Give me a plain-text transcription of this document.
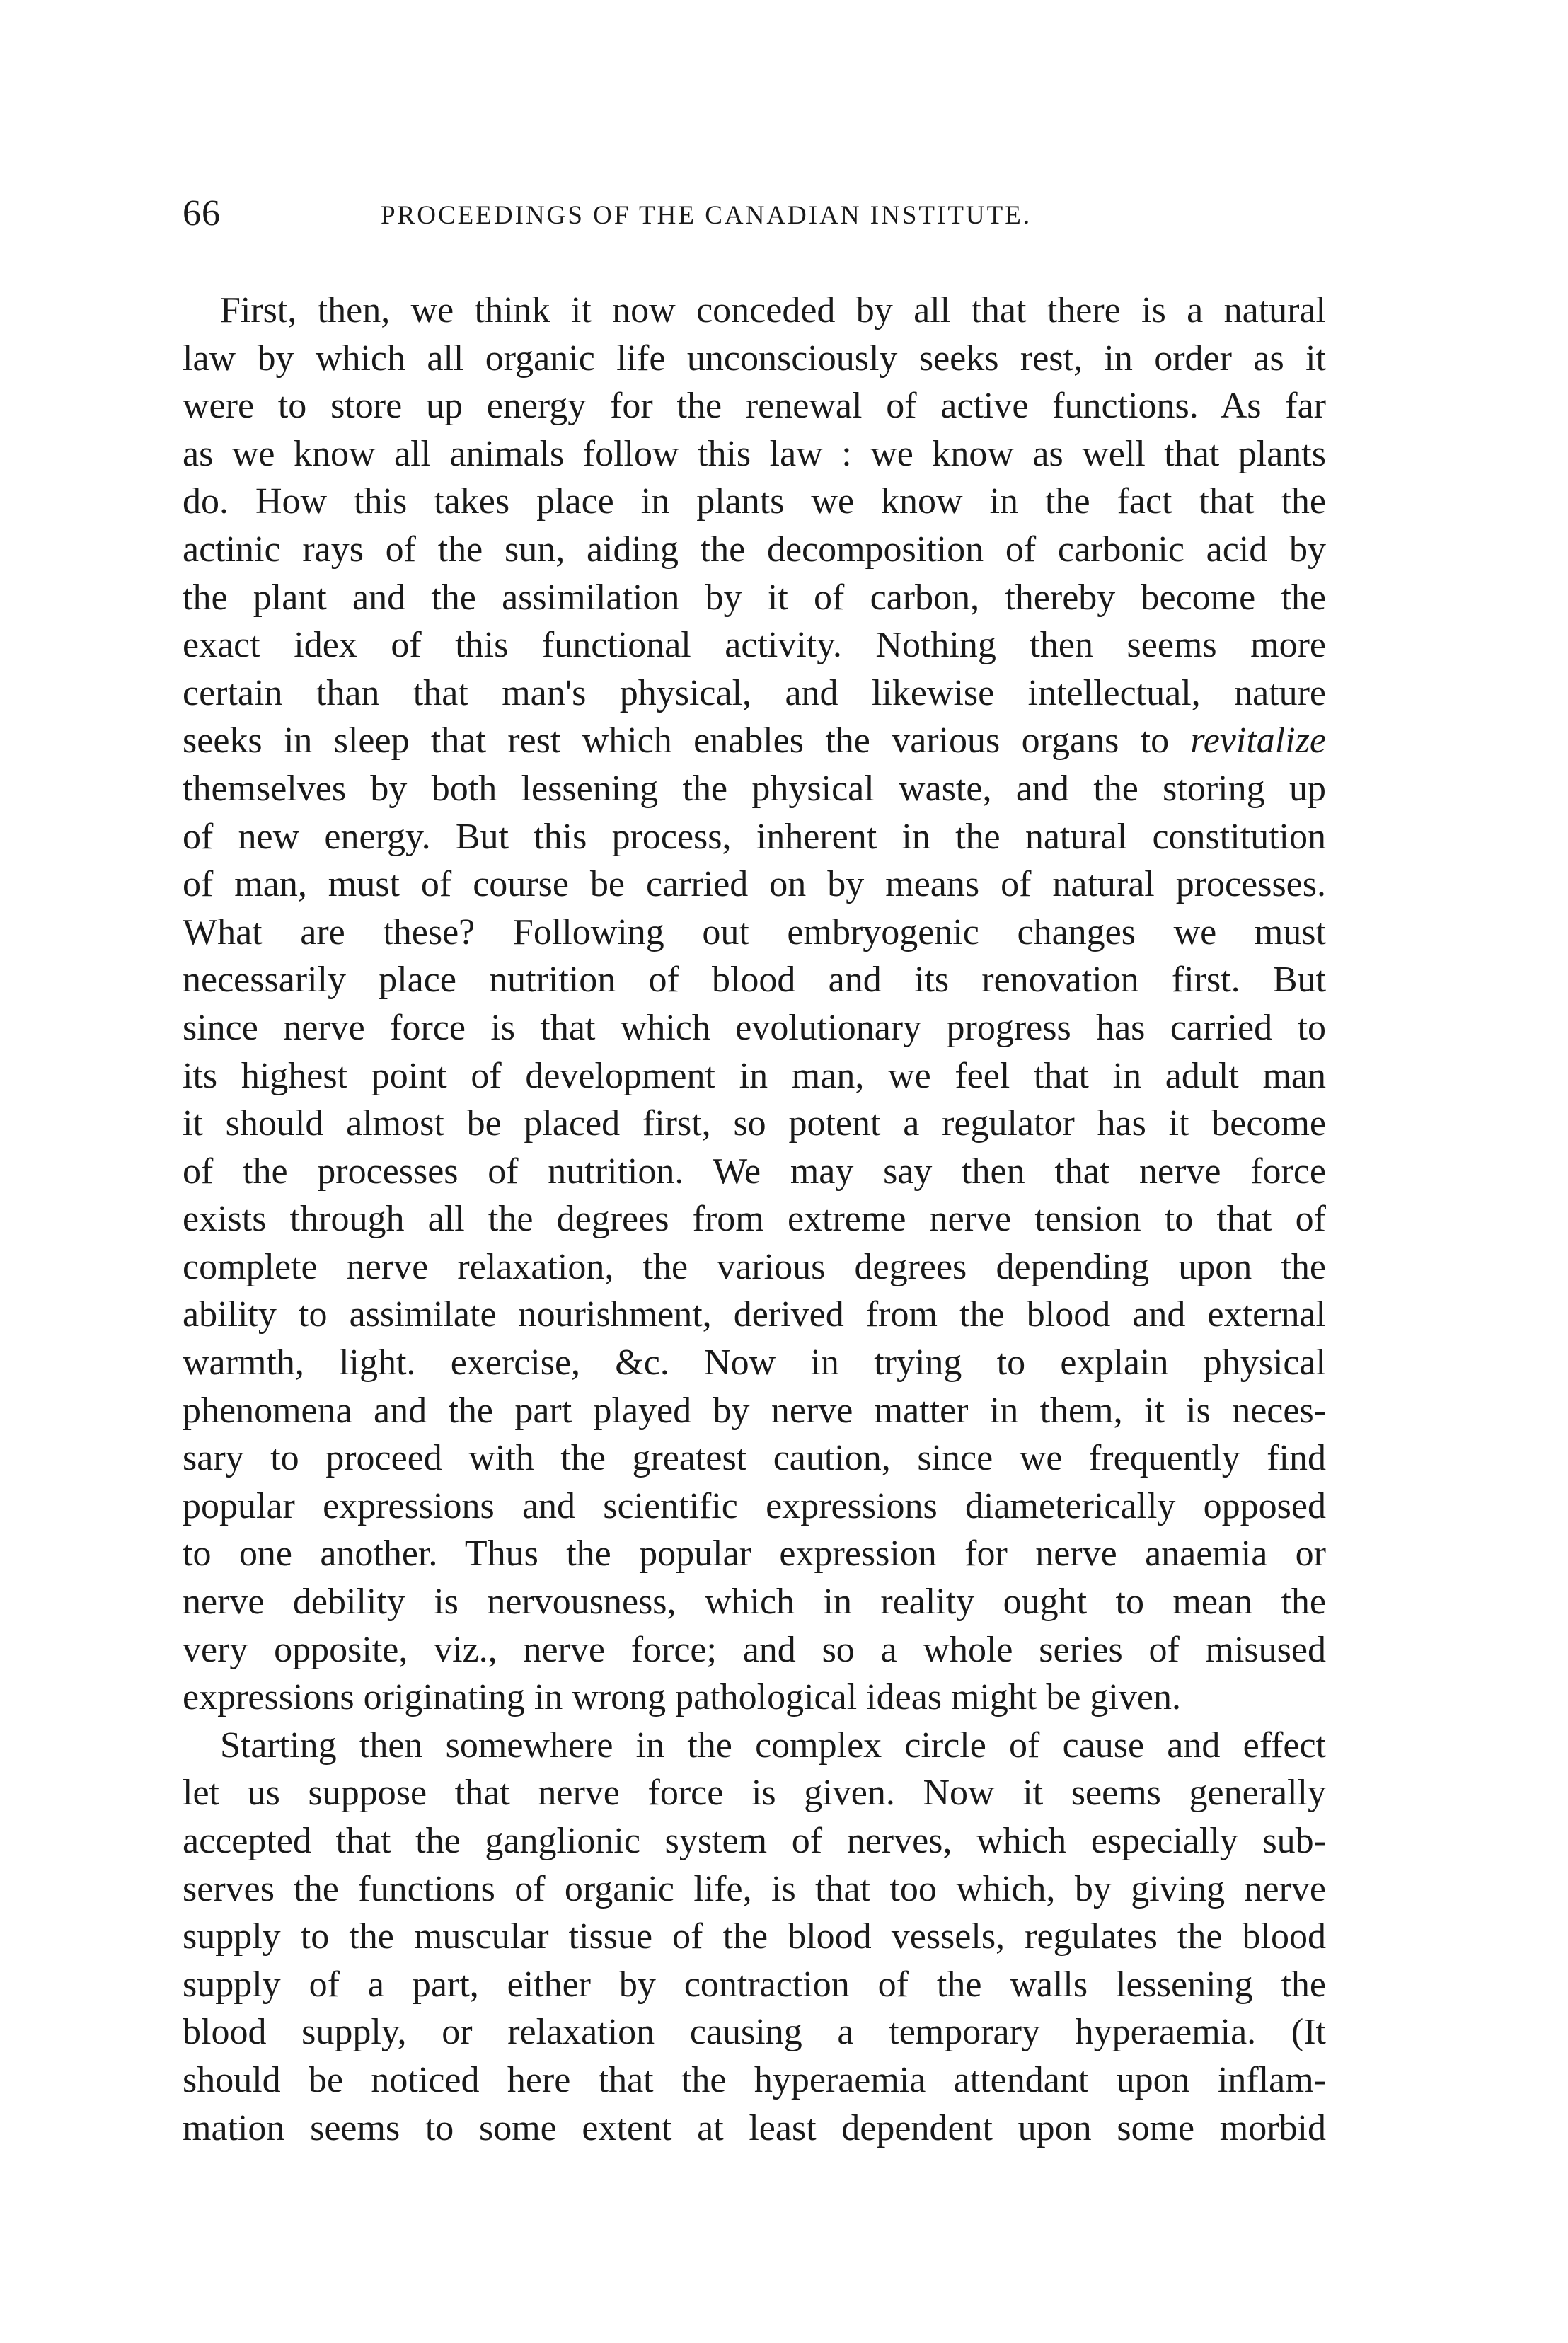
66	PROCEEDINGS OF THE CANADIAN INSTITUTE.
First, then, we think it now conceded by all that there is a natural
law by which all organic life unconsciously seeks rest, in order as it
were to store up energy for the renewal of active functions. As far
as we know all animals follow this law : we know as well that plants
do. How this takes place in plants we know in the fact that the
actinic rays of the sun, aiding the decomposition of carbonic acid by
the plant and the assimilation by it of carbon, thereby become the
exact idex of this functional activity. Nothing then seems more
certain than that man's physical, and likewise intellectual, nature
seeks in sleep that rest which enables the various organs to revitalize
themselves by both lessening the physical waste, and the storing up
of new energy. But this process, inherent in the natural constitution
of man, must of course be carried on by means of natural processes.
What are these? Following out embryogenic changes we must
necessarily place nutrition of blood and its renovation first. But
since nerve force is that which evolutionary progress has carried to
its highest point of development in man, we feel that in adult man
it should almost be placed first, so potent a regulator has it become
of the processes of nutrition. We may say then that nerve force
exists through all the degrees from extreme nerve tension to that of
complete nerve relaxation, the various degrees depending upon the
ability to assimilate nourishment, derived from the blood and external
warmth, light. exercise, &c. Now in trying to explain physical
phenomena and the part played by nerve matter in them, it is neces-
sary to proceed with the greatest caution, since we frequently find
popular expressions and scientific expressions diameterically opposed
to one another. Thus the popular expression for nerve anaemia or
nerve debility is nervousness, which in reality ought to mean the
very opposite, viz., nerve force; and so a whole series of misused
expressions originating in wrong pathological ideas might be given.
Starting then somewhere in the complex circle of cause and effect
let us suppose that nerve force is given. Now it seems generally
accepted that the ganglionic system of nerves, which especially sub-
serves the functions of organic life, is that too which, by giving nerve
supply to the muscular tissue of the blood vessels, regulates the blood
supply of a part, either by contraction of the walls lessening the
blood supply, or relaxation causing a temporary hyperaemia. (It
should be noticed here that the hyperaemia attendant upon inflam-
mation seems to some extent at least dependent upon some morbid
